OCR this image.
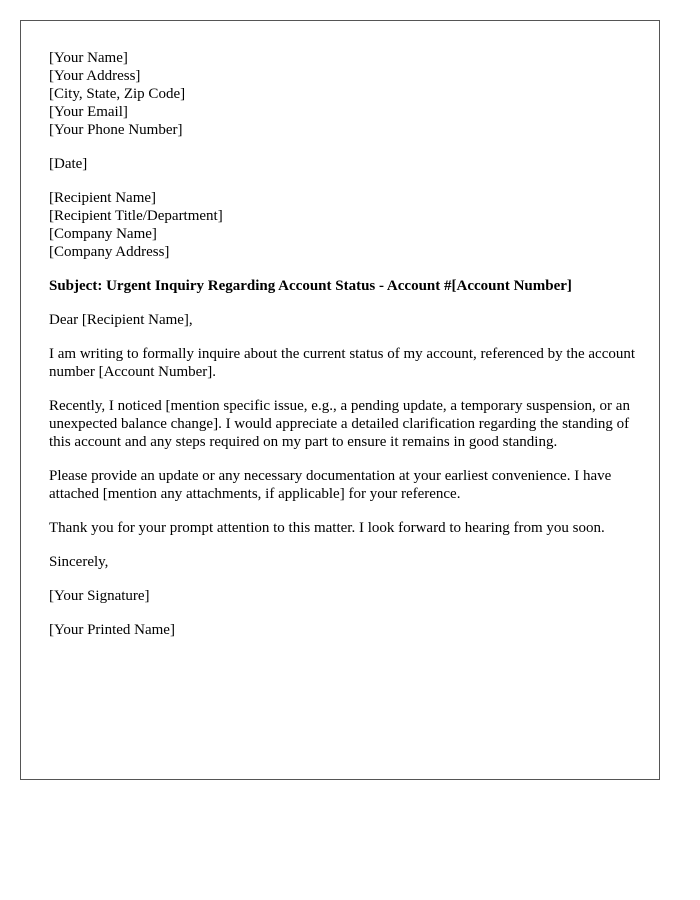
[Your Name]
[Your Address]
[City, State, Zip Code]
[Your Email]
[Your Phone Number]
[Date]
[Recipient Name]
[Recipient Title/Department]
[Company Name]
[Company Address]
Subject: Urgent Inquiry Regarding Account Status - Account #[Account Number]

Dear [Recipient Name],

I am writing to formally inquire about the current status of my account, referenced by the account number [Account Number].

Recently, I noticed [mention specific issue, e.g., a pending update, a temporary suspension, or an unexpected balance change]. I would appreciate a detailed clarification regarding the standing of this account and any steps required on my part to ensure it remains in good standing.

Please provide an update or any necessary documentation at your earliest convenience. I have attached [mention any attachments, if applicable] for your reference.

Thank you for your prompt attention to this matter. I look forward to hearing from you soon.

Sincerely,

[Your Signature]

[Your Printed Name]
